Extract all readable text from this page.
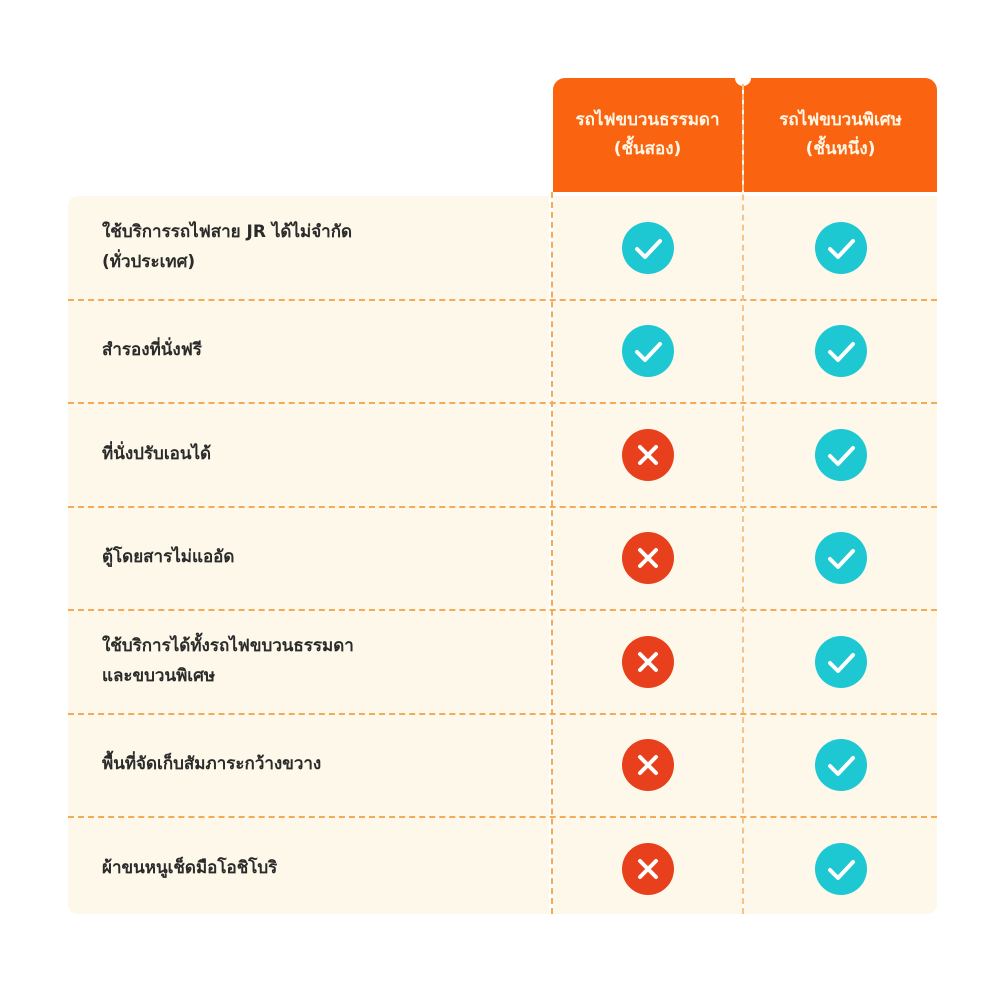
รถไฟขบวนธรรมดา
(ชั้นสอง)
รถไฟขบวนพิเศษ
(ชั้นหนึ่ง)
ใช้บริการรถไฟสาย JR ได้ไม่จำกัด
(ทั่วประเทศ)
สำรองที่นั่งฟรี
ที่นั่งปรับเอนได้
ตู้โดยสารไม่แออัด
ใช้บริการได้ทั้งรถไฟขบวนธรรมดา
และขบวนพิเศษ
พื้นที่จัดเก็บสัมภาระกว้างขวาง
ผ้าขนหนูเช็ดมือโอชิโบริ
